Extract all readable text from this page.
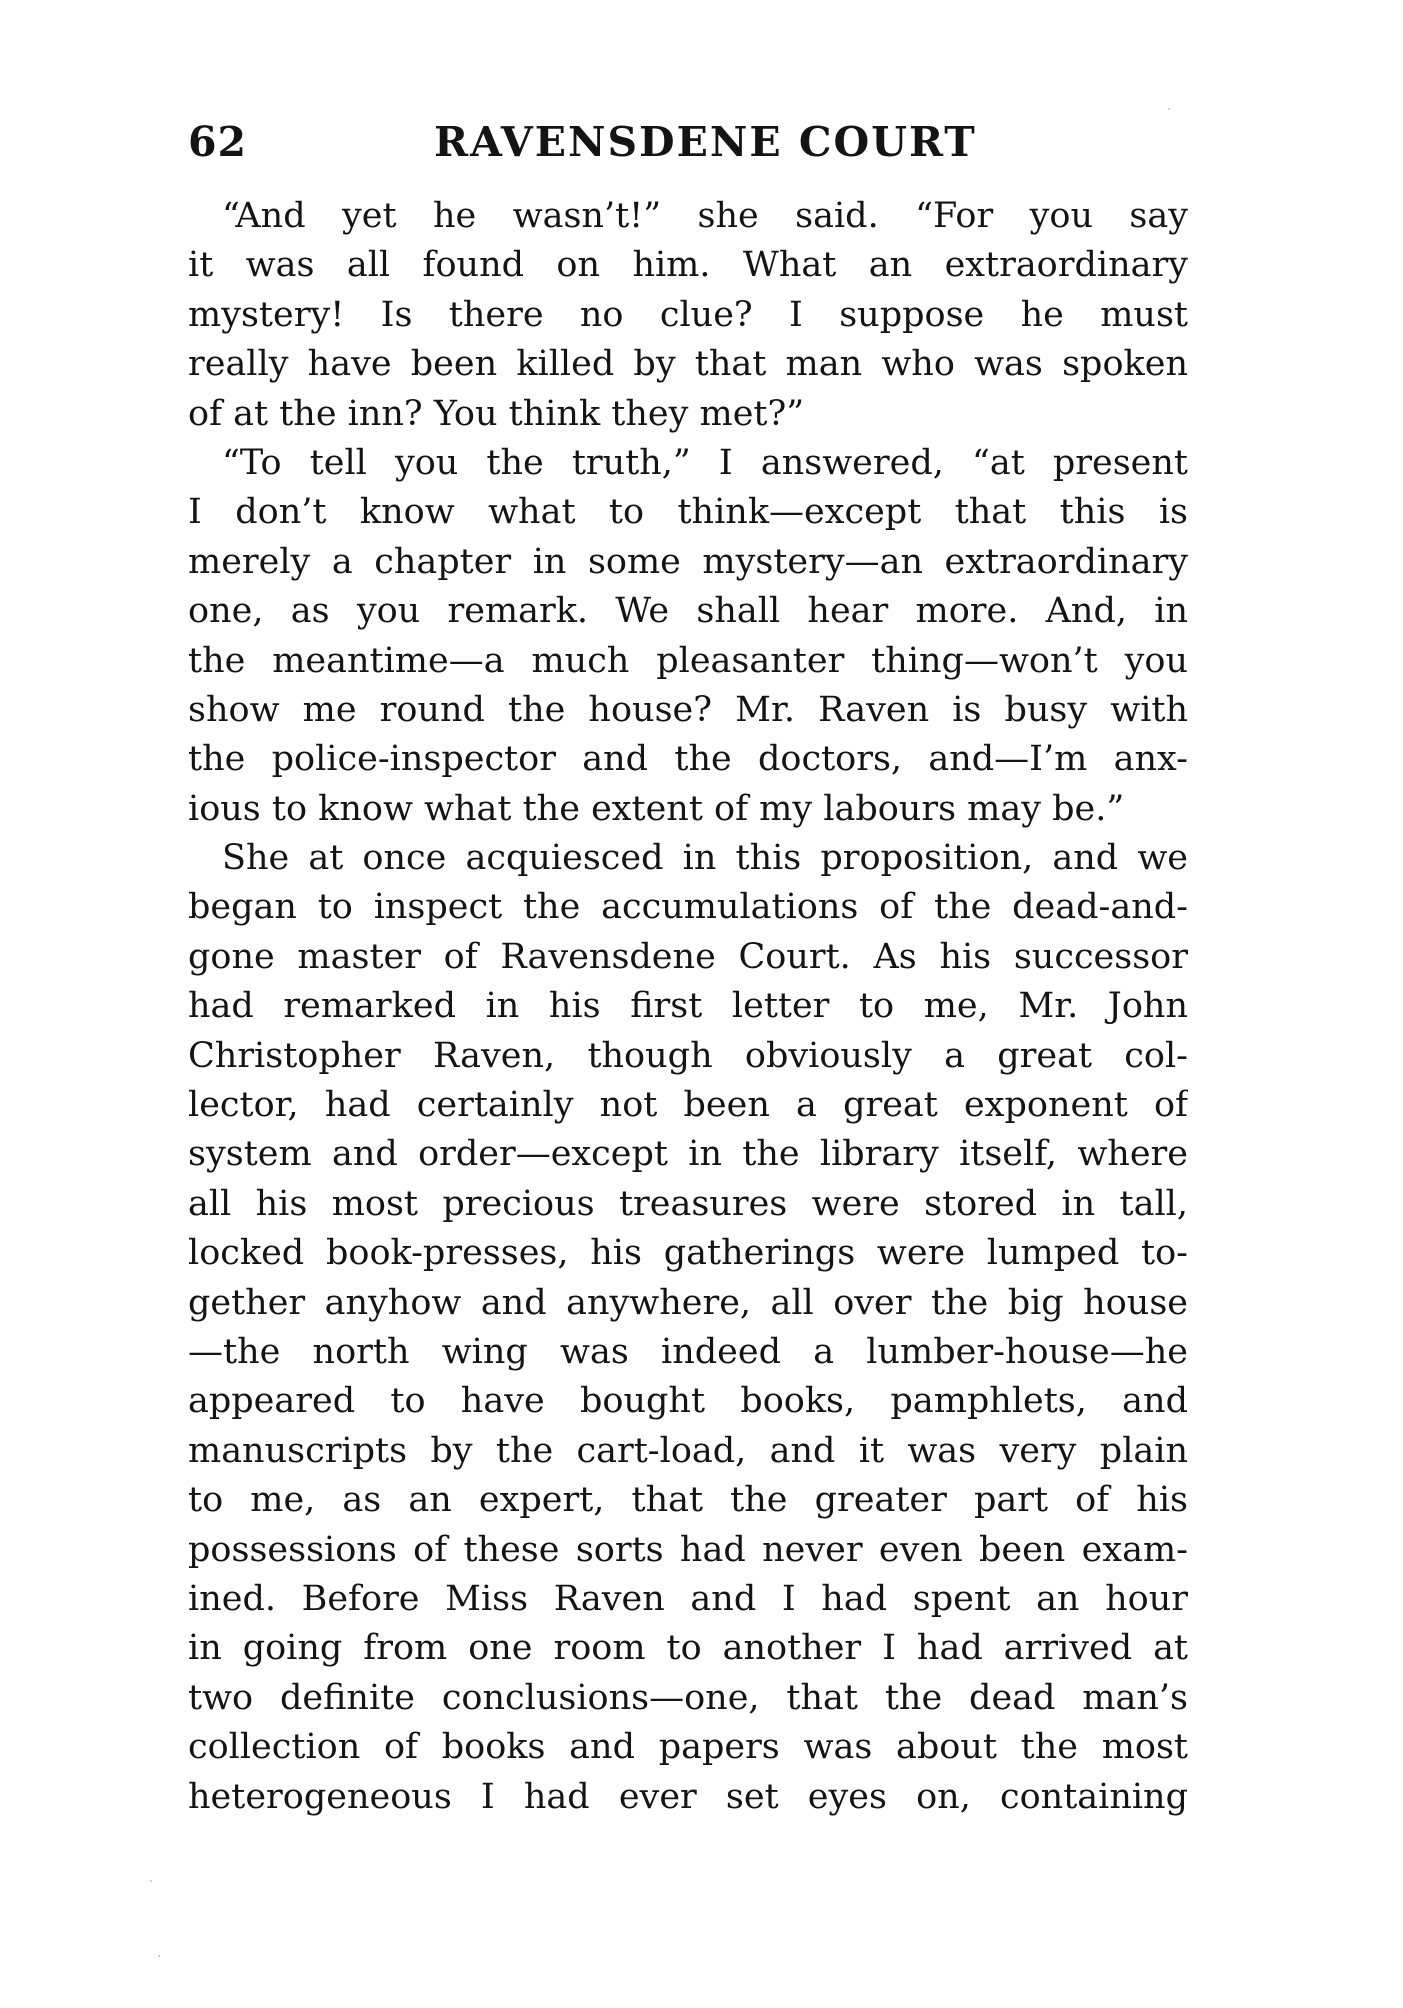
62	RAVENSDENE COURT
“And yet he wasn’t!” she said. “For you say
it was all found on him. What an extraordinary
mystery! Is there no clue? I suppose he must
really have been killed by that man who was spoken
of at the inn? You think they met?”
“To tell you the truth,” I answered, “at present
I don’t know what to think—except that this is
merely a chapter in some mystery—an extraordinary
one, as you remark. We shall hear more. And, in
the meantime—a much pleasanter thing—won’t you
show me round the house? Mr. Raven is busy with
the police-inspector and the doctors, and—I’m anx-
ious to know what the extent of my labours may be.”
She at once acquiesced in this proposition, and we
began to inspect the accumulations of the dead-and-
gone master of Ravensdene Court. As his successor
had remarked in his first letter to me, Mr. John
Christopher Raven, though obviously a great col-
lector, had certainly not been a great exponent of
system and order—except in the library itself, where
all his most precious treasures were stored in tall,
locked book-presses, his gatherings were lumped to-
gether anyhow and anywhere, all over the big house
—the north wing was indeed a lumber-house—he
appeared to have bought books, pamphlets, and
manuscripts by the cart-load, and it was very plain
to me, as an expert, that the greater part of his
possessions of these sorts had never even been exam-
ined. Before Miss Raven and I had spent an hour
in going from one room to another I had arrived at
two definite conclusions—one, that the dead man’s
collection of books and papers was about the most
heterogeneous I had ever set eyes on, containing
